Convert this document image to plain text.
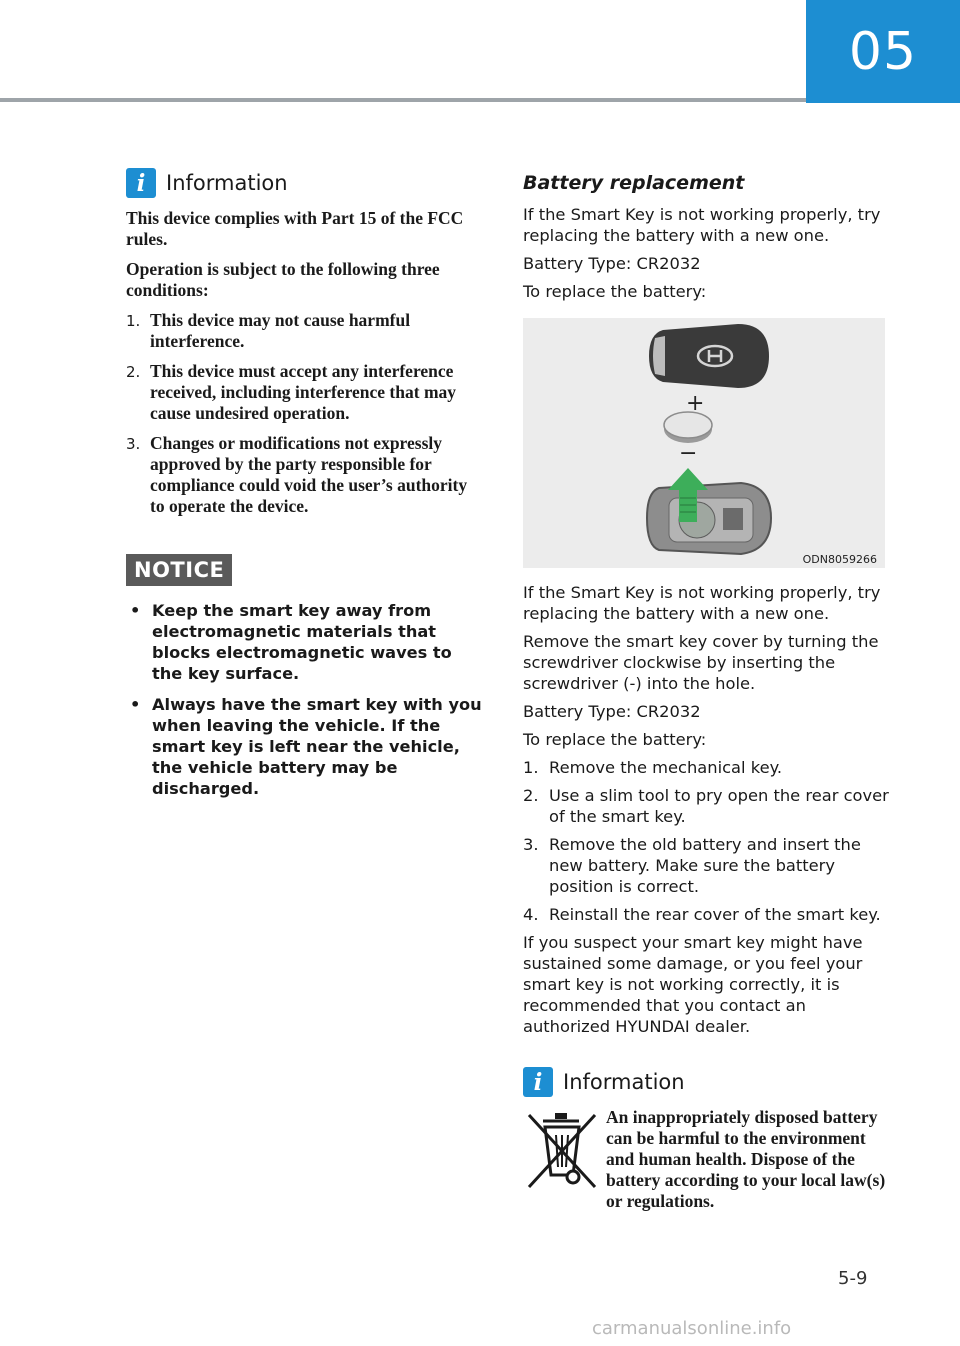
05
i Information

This device complies with Part 15 of the FCC rules.

Operation is subject to the following three conditions:

1. This device may not cause harmful interference.
2. This device must accept any interference received, including interference that may cause undesired operation.
3. Changes or modifications not expressly approved by the party responsible for compliance could void the user’s authority to operate the device.
NOTICE
• Keep the smart key away from electromagnetic materials that blocks electromagnetic waves to the key surface.
• Always have the smart key with you when leaving the vehicle. If the smart key is left near the vehicle, the vehicle battery may be discharged.
Battery replacement

If the Smart Key is not working properly, try replacing the battery with a new one.

Battery Type: CR2032

To replace the battery:

+
−
ODN8059266

If the Smart Key is not working properly, try replacing the battery with a new one.

Remove the smart key cover by turning the screwdriver clockwise by inserting the screwdriver (-) into the hole.

Battery Type: CR2032

To replace the battery:

1. Remove the mechanical key.
2. Use a slim tool to pry open the rear cover of the smart key.
3. Remove the old battery and insert the new battery. Make sure the battery position is correct.
4. Reinstall the rear cover of the smart key.

If you suspect your smart key might have sustained some damage, or you feel your smart key is not working correctly, it is recommended that you contact an authorized HYUNDAI dealer.

i Information
An inappropriately disposed battery can be harmful to the environment and human health. Dispose of the battery according to your local law(s) or regulations.
5-9
carmanualsonline.info
